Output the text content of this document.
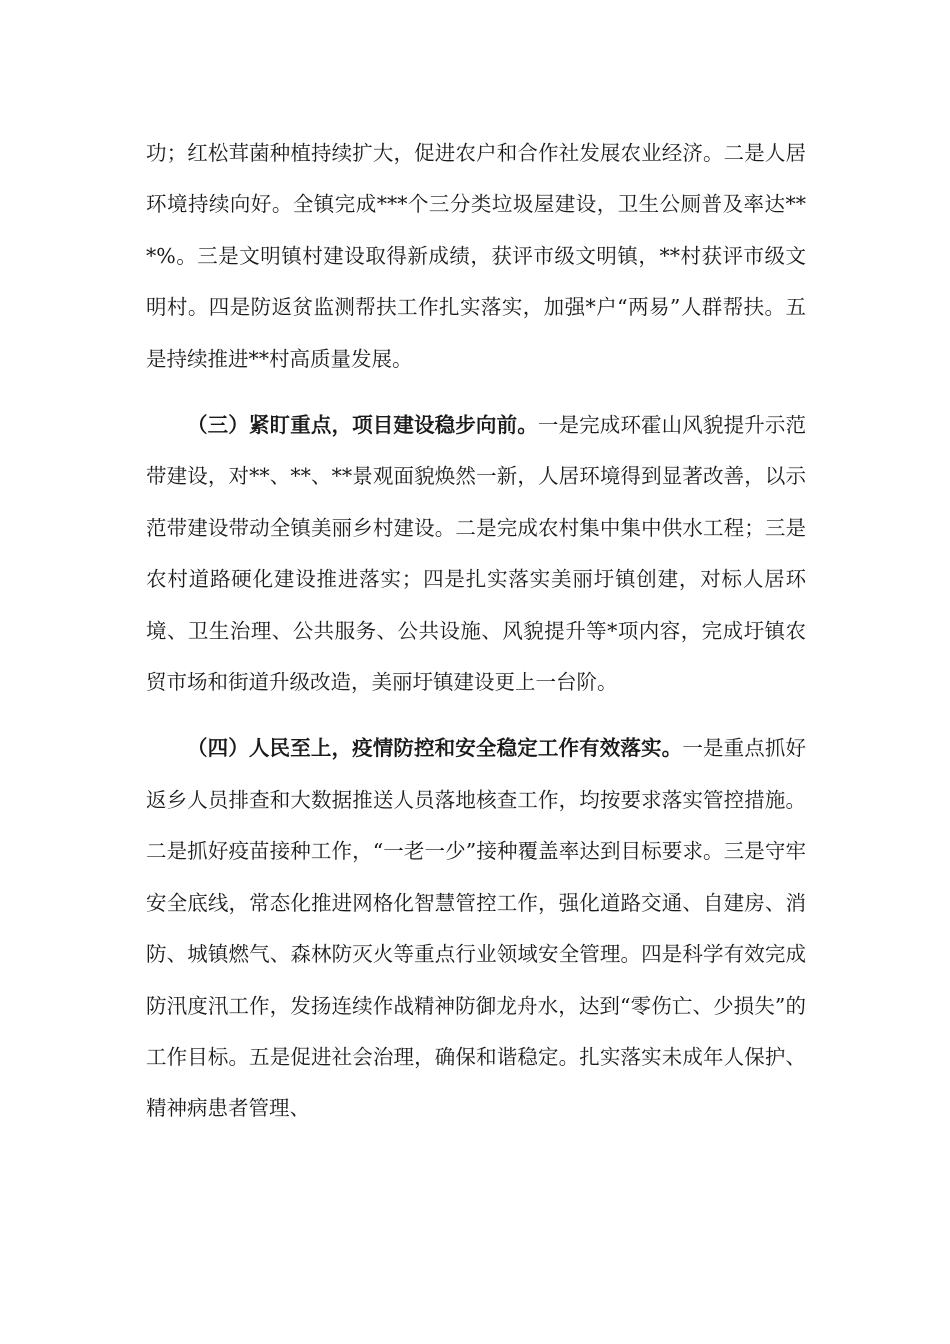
功；红松茸菌种植持续扩大，促进农户和合作社发展农业经济。二是人居环境持续向好。全镇完成***个三分类垃圾屋建设，卫生公厕普及率达***%。三是文明镇村建设取得新成绩，获评市级文明镇，**村获评市级文明村。四是防返贫监测帮扶工作扎实落实，加强*户“两易”人群帮扶。五是持续推进**村高质量发展。

（三）紧盯重点，项目建设稳步向前。一是完成环霍山风貌提升示范带建设，对**、**、**景观面貌焕然一新，人居环境得到显著改善，以示范带建设带动全镇美丽乡村建设。二是完成农村集中集中供水工程；三是农村道路硬化建设推进落实；四是扎实落实美丽圩镇创建，对标人居环境、卫生治理、公共服务、公共设施、风貌提升等*项内容，完成圩镇农贸市场和街道升级改造，美丽圩镇建设更上一台阶。

（四）人民至上，疫情防控和安全稳定工作有效落实。一是重点抓好返乡人员排查和大数据推送人员落地核查工作，均按要求落实管控措施。二是抓好疫苗接种工作，“一老一少”接种覆盖率达到目标要求。三是守牢安全底线，常态化推进网格化智慧管控工作，强化道路交通、自建房、消防、城镇燃气、森林防灭火等重点行业领域安全管理。四是科学有效完成防汛度汛工作，发扬连续作战精神防御龙舟水，达到“零伤亡、少损失”的工作目标。五是促进社会治理，确保和谐稳定。扎实落实未成年人保护、精神病患者管理、
